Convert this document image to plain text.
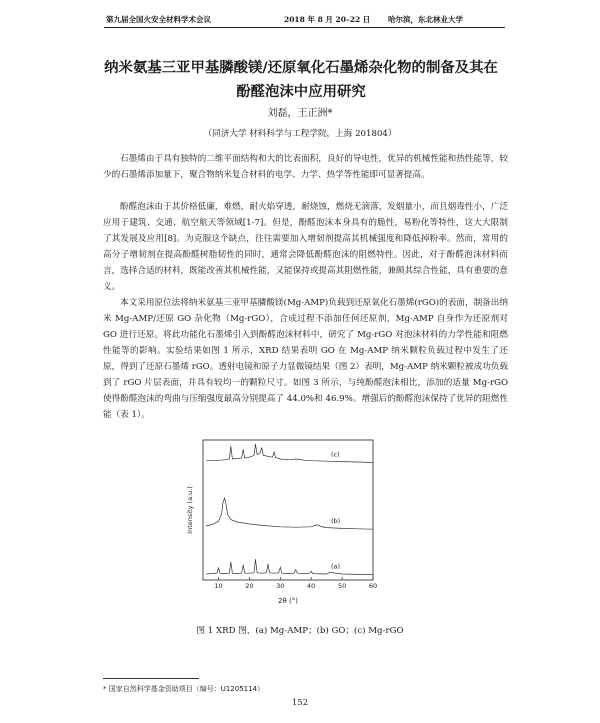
第九届全国火安全材料学术会议	2018 年 8 月 20–22 日	哈尔滨，东北林业大学
纳米氨基三亚甲基膦酸镁/还原氧化石墨烯杂化物的制备及其在
酚醛泡沫中应用研究
刘磊，王正洲*
（同济大学 材料科学与工程学院，上海 201804）

石墨烯由于具有独特的二维平面结构和大的比表面积，良好的导电性，优异的机械性能和热性能等，较少的石墨烯添加量下，聚合物纳米复合材料的电学、力学、热学等性能即可显著提高。

酚醛泡沫由于其价格低廉，难燃，耐火焰穿透，耐烧蚀，燃烧无滴落，发烟量小，而且烟毒性小，广泛应用于建筑、交通、航空航天等领域[1-7]。但是，酚醛泡沫本身具有的脆性，易粉化等特性，这大大限制了其发展及应用[8]。为克服这个缺点，往往需要加入增韧剂提高其机械强度和降低掉粉率。然而，常用的高分子增韧剂在提高酚醛树脂韧性的同时，通常会降低酚醛泡沫的阻燃特性。因此，对于酚醛泡沫材料而言，选择合适的材料，既能改善其机械性能，又能保持或提高其阻燃性能，兼顾其综合性能，具有重要的意义。

本文采用原位法将纳米氨基三亚甲基膦酸镁(Mg-AMP)负载到还原氧化石墨烯(rGO)的表面，制备出纳米 Mg-AMP/还原 GO 杂化物（Mg-rGO），合成过程不添加任何还原剂，Mg-AMP 自身作为还原剂对 GO 进行还原。将此功能化石墨烯引入到酚醛泡沫材料中，研究了 Mg-rGO 对泡沫材料的力学性能和阻燃性能等的影响。实验结果如图 1 所示，XRD 结果表明 GO 在 Mg-AMP 纳米颗粒负载过程中发生了还原，得到了还原石墨烯 rGO。透射电镜和原子力显微镜结果（图 2）表明，Mg-AMP 纳米颗粒被成功负载到了 rGO 片层表面，并具有较均一的颗粒尺寸。如图 3 所示，与纯酚醛泡沫相比，添加的适量 Mg-rGO 使得酚醛泡沫的弯曲与压缩强度最高分别提高了 44.0%和 46.9%。增强后的酚醛泡沫保持了优异的阻燃性能（表 1）。

10	20	30	40	50	60
(a)
(b)
(c)
2θ (°)
Intensity (a.u.)
图 1 XRD 图，(a) Mg-AMP；(b) GO；(c) Mg-rGO
* 国家自然科学基金资助项目（编号：U1205114）
152
